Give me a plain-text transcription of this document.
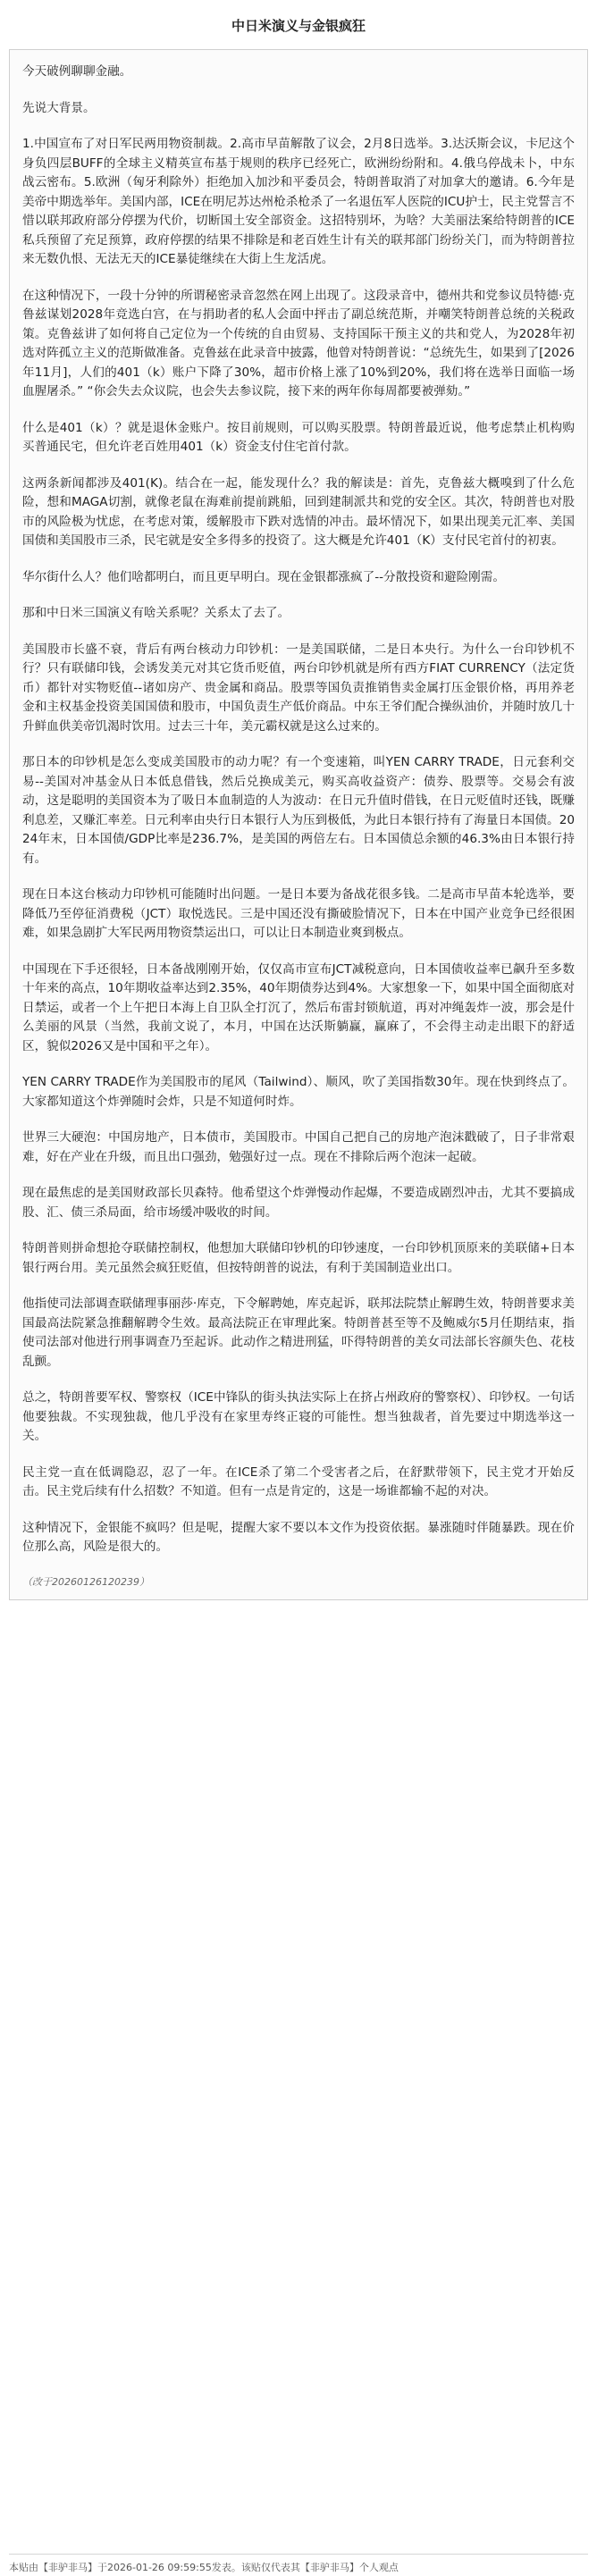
中日米演义与金银疯狂

今天破例聊聊金融。

先说大背景。

1.中国宣布了对日军民两用物资制裁。2.高市早苗解散了议会，2月8日选举。3.达沃斯会议，卡尼这个身负四层BUFF的全球主义精英宣布基于规则的秩序已经死亡，欧洲纷纷附和。4.俄乌停战未卜，中东战云密布。5.欧洲（匈牙利除外）拒绝加入加沙和平委员会，特朗普取消了对加拿大的邀请。6.今年是美帝中期选举年。美国内部，ICE在明尼苏达州枪杀枪杀了一名退伍军人医院的ICU护士，民主党誓言不惜以联邦政府部分停摆为代价，切断国土安全部资金。这招特别坏，为啥？大美丽法案给特朗普的ICE私兵预留了充足预算，政府停摆的结果不排除是和老百姓生计有关的联邦部门纷纷关门，而为特朗普拉来无数仇恨、无法无天的ICE暴徒继续在大街上生龙活虎。

在这种情况下，一段十分钟的所谓秘密录音忽然在网上出现了。这段录音中，德州共和党参议员特德·克鲁兹谋划2028年竞选白宫，在与捐助者的私人会面中抨击了副总统范斯，并嘲笑特朗普总统的关税政策。克鲁兹讲了如何将自己定位为一个传统的自由贸易、支持国际干预主义的共和党人，为2028年初选对阵孤立主义的范斯做准备。克鲁兹在此录音中披露，他曾对特朗普说：“总统先生，如果到了[2026年11月]，人们的401（k）账户下降了30%，超市价格上涨了10%到20%，我们将在选举日面临一场血腥屠杀。” “你会失去众议院，也会失去参议院，接下来的两年你每周都要被弹劾。”

什么是401（k）？就是退休金账户。按目前规则，可以购买股票。特朗普最近说，他考虑禁止机构购买普通民宅，但允许老百姓用401（k）资金支付住宅首付款。

这两条新闻都涉及401(K)。结合在一起，能发现什么？我的解读是：首先，克鲁兹大概嗅到了什么危险，想和MAGA切割，就像老鼠在海难前提前跳船，回到建制派共和党的安全区。其次，特朗普也对股市的风险极为忧虑，在考虑对策，缓解股市下跌对选情的冲击。最坏情况下，如果出现美元汇率、美国国债和美国股市三杀，民宅就是安全多得多的投资了。这大概是允许401（K）支付民宅首付的初衷。

华尔街什么人？他们啥都明白，而且更早明白。现在金银都涨疯了--分散投资和避险刚需。

那和中日米三国演义有啥关系呢？关系太了去了。

美国股市长盛不衰，背后有两台核动力印钞机：一是美国联储，二是日本央行。为什么一台印钞机不行？只有联储印钱，会诱发美元对其它货币贬值，两台印钞机就是所有西方FIAT CURRENCY（法定货币）都针对实物贬值--诸如房产、贵金属和商品。股票等国负责推销售卖金属打压金银价格，再用养老金和主权基金投资美国国债和股市，中国负责生产低价商品。中东王爷们配合操纵油价，并随时放几十升鲜血供美帝饥渴时饮用。过去三十年，美元霸权就是这么过来的。

那日本的印钞机是怎么变成美国股市的动力呢？有一个变速箱，叫YEN CARRY TRADE，日元套利交易--美国对冲基金从日本低息借钱，然后兑换成美元，购买高收益资产：债券、股票等。交易会有波动，这是聪明的美国资本为了吸日本血制造的人为波动：在日元升值时借钱，在日元贬值时还钱，既赚利息差，又赚汇率差。日元利率由央行日本银行人为压到极低，为此日本银行持有了海量日本国债。2024年末，日本国债/GDP比率是236.7%，是美国的两倍左右。日本国债总余额的46.3%由日本银行持有。

现在日本这台核动力印钞机可能随时出问题。一是日本要为备战花很多钱。二是高市早苗本轮选举，要降低乃至停征消费税（JCT）取悦选民。三是中国还没有撕破脸情况下，日本在中国产业竞争已经很困难，如果急剧扩大军民两用物资禁运出口，可以让日本制造业爽到极点。

中国现在下手还很轻，日本备战刚刚开始，仅仅高市宣布JCT减税意向，日本国债收益率已飙升至多数十年来的高点，10年期收益率达到2.35%，40年期债券达到4%。大家想象一下，如果中国全面彻底对日禁运，或者一个上午把日本海上自卫队全打沉了，然后布雷封锁航道，再对冲绳轰炸一波，那会是什么美丽的风景（当然，我前文说了，本月，中国在达沃斯躺赢，赢麻了，不会得主动走出眼下的舒适区，貌似2026又是中国和平之年）。

YEN CARRY TRADE作为美国股市的尾风（Tailwind）、顺风，吹了美国指数30年。现在快到终点了。大家都知道这个炸弹随时会炸，只是不知道何时炸。

世界三大硬泡：中国房地产，日本债市，美国股市。中国自己把自己的房地产泡沫戳破了，日子非常艰难，好在产业在升级，而且出口强劲，勉强好过一点。现在不排除后两个泡沫一起破。

现在最焦虑的是美国财政部长贝森特。他希望这个炸弹慢动作起爆，不要造成剧烈冲击，尤其不要搞成股、汇、债三杀局面，给市场缓冲吸收的时间。

特朗普则拼命想抢夺联储控制权，他想加大联储印钞机的印钞速度，一台印钞机顶原来的美联储+日本银行两台用。美元虽然会疯狂贬值，但按特朗普的说法，有利于美国制造业出口。

他指使司法部调查联储理事丽莎·库克，下令解聘她，库克起诉，联邦法院禁止解聘生效，特朗普要求美国最高法院紧急推翻解聘令生效。最高法院正在审理此案。特朗普甚至等不及鲍威尔5月任期结束，指使司法部对他进行刑事调查乃至起诉。此动作之精进刑猛，吓得特朗普的美女司法部长容颜失色、花枝乱颤。

总之，特朗普要军权、警察权（ICE中锋队的街头执法实际上在挤占州政府的警察权）、印钞权。一句话他要独裁。不实现独裁，他几乎没有在家里寿终正寝的可能性。想当独裁者，首先要过中期选举这一关。

民主党一直在低调隐忍，忍了一年。在ICE杀了第二个受害者之后，在舒默带领下，民主党才开始反击。民主党后续有什么招数？不知道。但有一点是肯定的，这是一场谁都输不起的对决。

这种情况下，金银能不疯吗？但是呢，提醒大家不要以本文作为投资依据。暴涨随时伴随暴跌。现在价位那么高，风险是很大的。

（改于20260126120239）
本贴由【非驴非马】于2026-01-26 09:59:55发表。该贴仅代表其【非驴非马】个人观点
